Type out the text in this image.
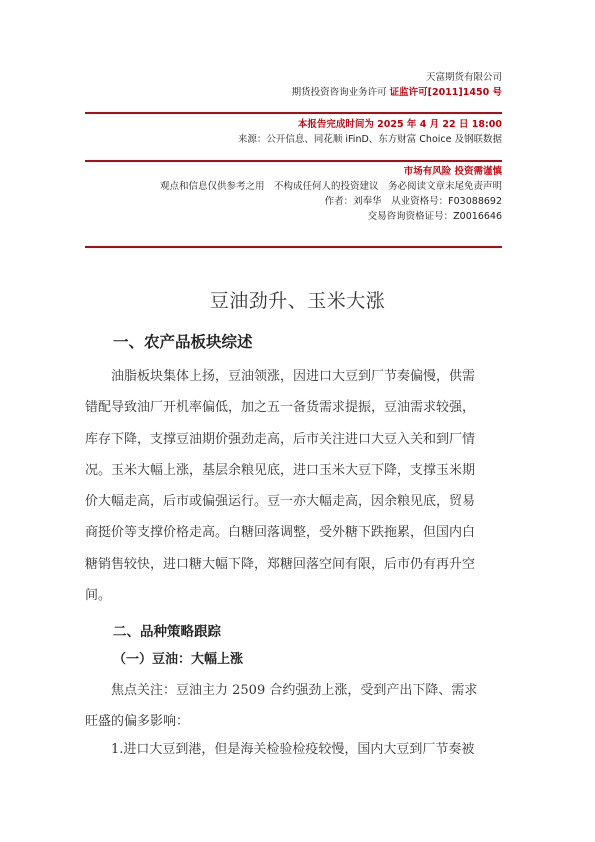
天富期货有限公司
期货投资咨询业务许可 证监许可[2011]1450 号
本报告完成时间为 2025 年 4 月 22 日 18:00
来源：公开信息、同花顺 iFinD、东方财富 Choice 及钢联数据
市场有风险 投资需谨慎
观点和信息仅供参考之用　不构成任何人的投资建议　务必阅读文章末尾免责声明
作者：刘奉华　从业资格号：F03088692
交易咨询资格证号：Z0016646
豆油劲升、玉米大涨
一、农产品板块综述
油脂板块集体上扬，豆油领涨，因进口大豆到厂节奏偏慢，供需
错配导致油厂开机率偏低，加之五一备货需求提振，豆油需求较强，
库存下降，支撑豆油期价强劲走高，后市关注进口大豆入关和到厂情
况。玉米大幅上涨，基层余粮见底，进口玉米大豆下降，支撑玉米期
价大幅走高，后市或偏强运行。豆一亦大幅走高，因余粮见底，贸易
商挺价等支撑价格走高。白糖回落调整，受外糖下跌拖累，但国内白
糖销售较快，进口糖大幅下降，郑糖回落空间有限，后市仍有再升空
间。
二、品种策略跟踪
（一）豆油：大幅上涨
焦点关注：豆油主力 2509 合约强劲上涨，受到产出下降、需求
旺盛的偏多影响：
1.进口大豆到港，但是海关检验检疫较慢，国内大豆到厂节奏被
